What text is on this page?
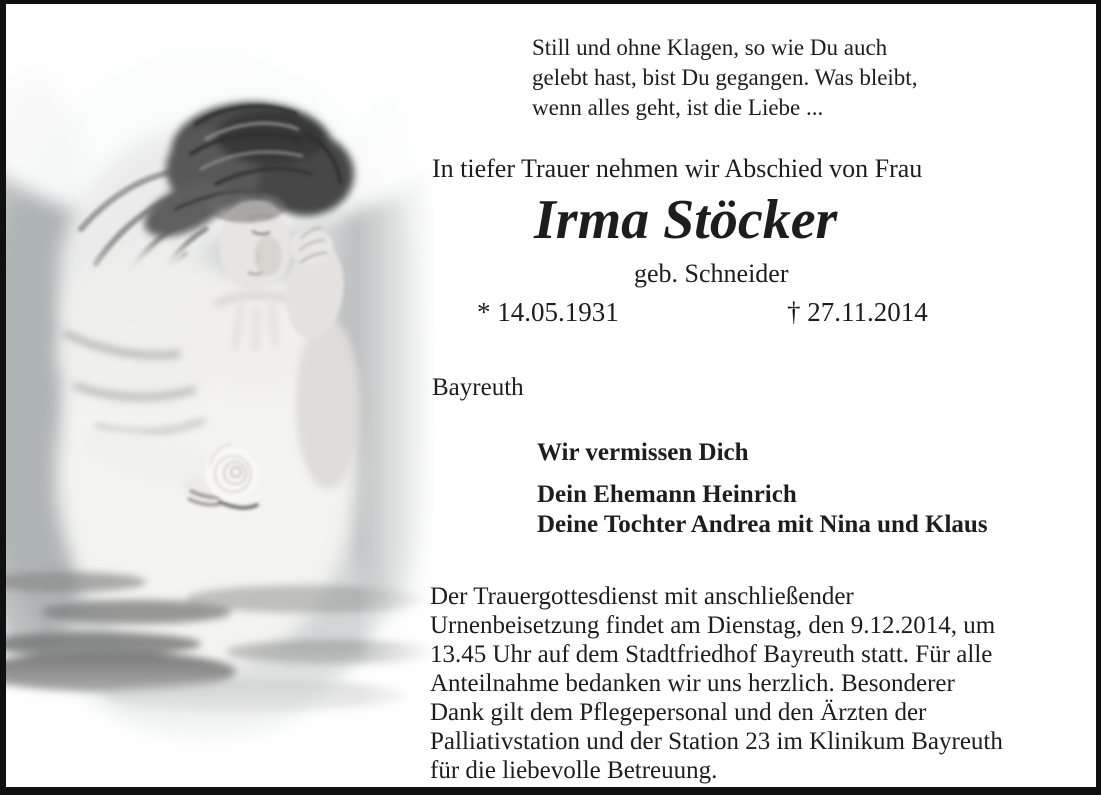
Still und ohne Klagen, so wie Du auch
gelebt hast, bist Du gegangen. Was bleibt,
wenn alles geht, ist die Liebe ...
In tiefer Trauer nehmen wir Abschied von Frau
Irma Stöcker
geb. Schneider
* 14.05.1931	† 27.11.2014
Bayreuth
Wir vermissen Dich
Dein Ehemann Heinrich
Deine Tochter Andrea mit Nina und Klaus
Der Trauergottesdienst mit anschließender
Urnenbeisetzung findet am Dienstag, den 9.12.2014, um
13.45 Uhr auf dem Stadtfriedhof Bayreuth statt. Für alle
Anteilnahme bedanken wir uns herzlich. Besonderer
Dank gilt dem Pflegepersonal und den Ärzten der
Palliativstation und der Station 23 im Klinikum Bayreuth
für die liebevolle Betreuung.
